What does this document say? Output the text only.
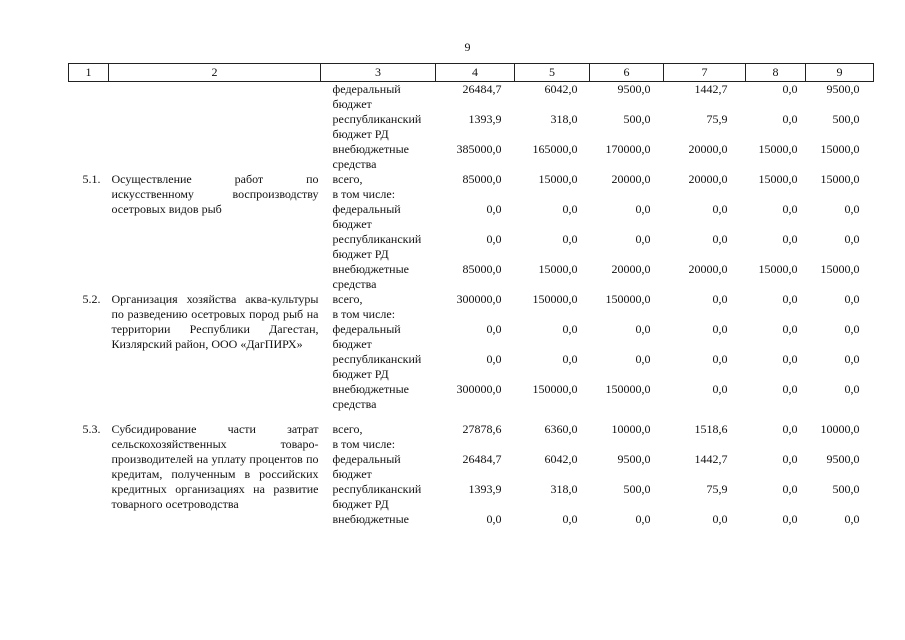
9
1	2	3	4	5	6	7	8	9
		федеральный бюджет	26484,7	6042,0	9500,0	1442,7	0,0	9500,0
		республиканский бюджет РД	1393,9	318,0	500,0	75,9	0,0	500,0
		внебюджетные средства	385000,0	165000,0	170000,0	20000,0	15000,0	15000,0
5.1.	Осуществление работ по искусственному воспроизводству осетровых видов рыб	всего,	85000,0	15000,0	20000,0	20000,0	15000,0	15000,0
		в том числе:						
		федеральный бюджет	0,0	0,0	0,0	0,0	0,0	0,0
		республиканский бюджет РД	0,0	0,0	0,0	0,0	0,0	0,0
		внебюджетные средства	85000,0	15000,0	20000,0	20000,0	15000,0	15000,0
5.2.	Организация хозяйства аква-культуры по разведению осетровых пород рыб на территории Республики Дагестан, Кизлярский район, ООО «ДагПИРХ»	всего,	300000,0	150000,0	150000,0	0,0	0,0	0,0
		в том числе:						
		федеральный бюджет	0,0	0,0	0,0	0,0	0,0	0,0
		республиканский бюджет РД	0,0	0,0	0,0	0,0	0,0	0,0
		внебюджетные средства	300000,0	150000,0	150000,0	0,0	0,0	0,0

5.3.	Субсидирование части затрат сельскохозяйственных товаро-производителей на уплату процентов по кредитам, полученным в российских кредитных организациях на развитие товарного осетроводства	всего,	27878,6	6360,0	10000,0	1518,6	0,0	10000,0
		в том числе:						
		федеральный бюджет	26484,7	6042,0	9500,0	1442,7	0,0	9500,0
		республиканский бюджет РД	1393,9	318,0	500,0	75,9	0,0	500,0
		внебюджетные	0,0	0,0	0,0	0,0	0,0	0,0
